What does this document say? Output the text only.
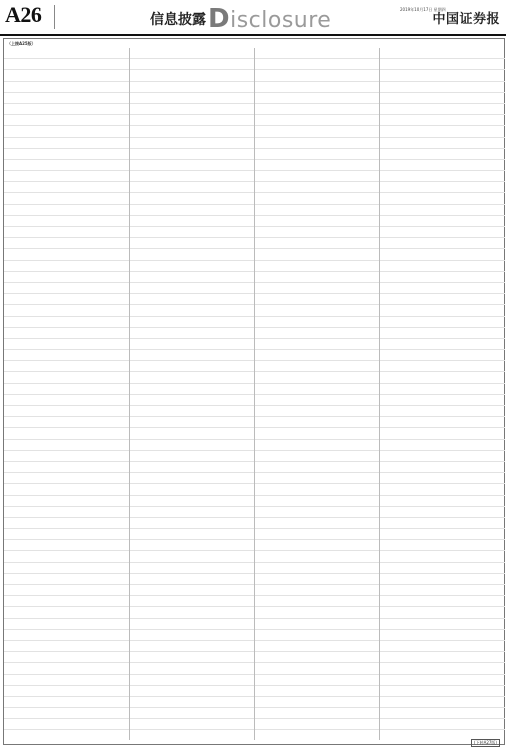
A26	信息披露 Disclosure	2019年10月17日 星期四
中国证券报
（上接A25版）
(下转A27版)
